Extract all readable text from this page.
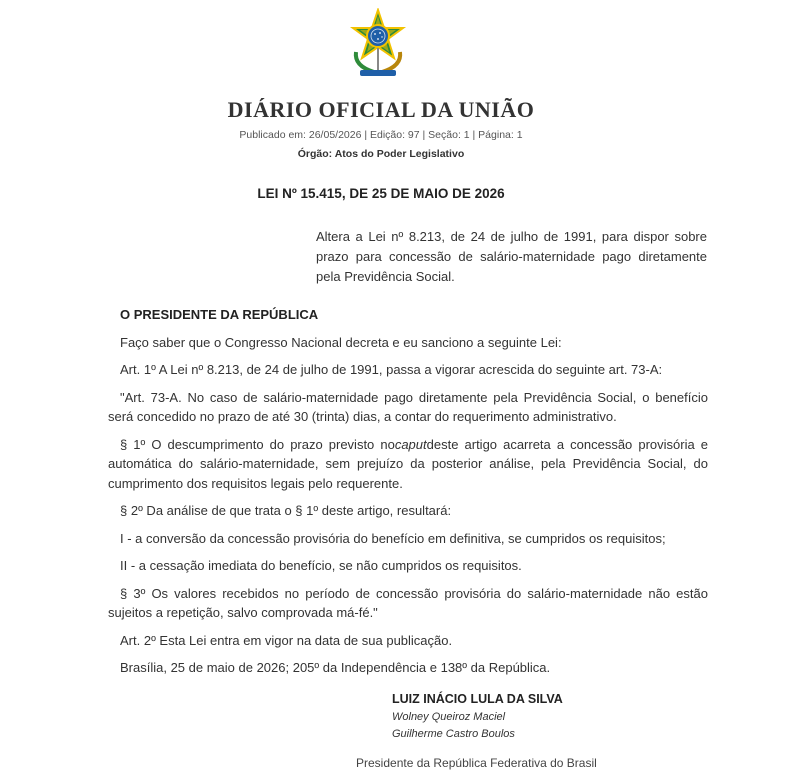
DIÁRIO OFICIAL DA UNIÃO
Publicado em: 26/05/2026 | Edição: 97 | Seção: 1 | Página: 1
Órgão: Atos do Poder Legislativo
LEI Nº 15.415, DE 25 DE MAIO DE 2026
Altera a Lei nº 8.213, de 24 de julho de 1991, para dispor sobre prazo para concessão de salário-maternidade pago diretamente pela Previdência Social.

O PRESIDENTE DA REPÚBLICA

Faço saber que o Congresso Nacional decreta e eu sanciono a seguinte Lei:

Art. 1º A Lei nº 8.213, de 24 de julho de 1991, passa a vigorar acrescida do seguinte art. 73-A:

"Art. 73-A. No caso de salário-maternidade pago diretamente pela Previdência Social, o benefício será concedido no prazo de até 30 (trinta) dias, a contar do requerimento administrativo.

§ 1º O descumprimento do prazo previsto nocaputdeste artigo acarreta a concessão provisória e automática do salário-maternidade, sem prejuízo da posterior análise, pela Previdência Social, do cumprimento dos requisitos legais pelo requerente.

§ 2º Da análise de que trata o § 1º deste artigo, resultará:

I - a conversão da concessão provisória do benefício em definitiva, se cumpridos os requisitos;

II - a cessação imediata do benefício, se não cumpridos os requisitos.

§ 3º Os valores recebidos no período de concessão provisória do salário-maternidade não estão sujeitos a repetição, salvo comprovada má-fé."

Art. 2º Esta Lei entra em vigor na data de sua publicação.

Brasília, 25 de maio de 2026; 205º da Independência e 138º da República.

LUIZ INÁCIO LULA DA SILVA
Wolney Queiroz Maciel
Guilherme Castro Boulos
Presidente da República Federativa do Brasil
